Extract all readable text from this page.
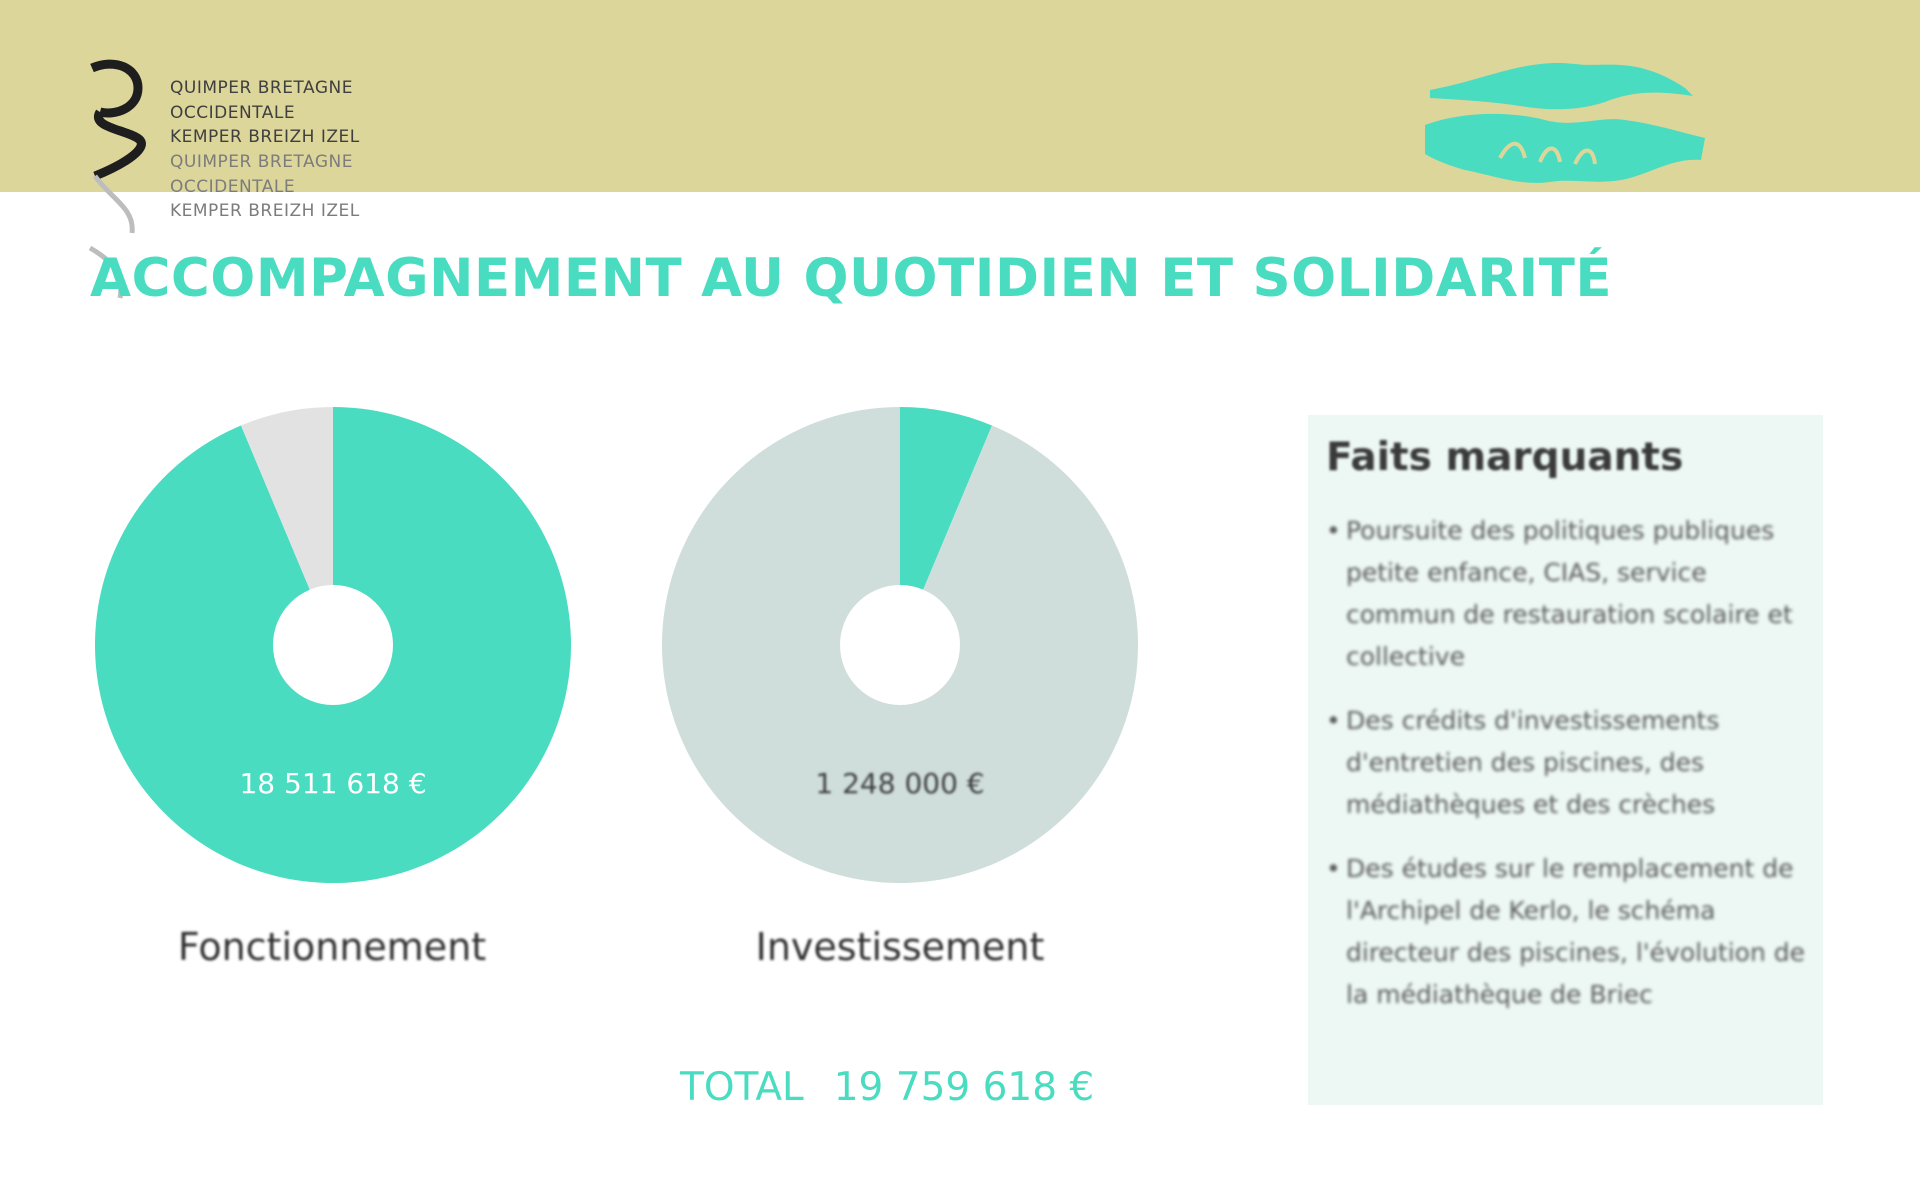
QUIMPER BRETAGNE
OCCIDENTALE
KEMPER BREIZH IZEL
QUIMPER BRETAGNE
OCCIDENTALE
KEMPER BREIZH IZEL
ACCOMPAGNEMENT AU QUOTIDIEN ET SOLIDARITÉ
18 511 618 €	1 248 000 €
Fonctionnement	Investissement
TOTAL 19 759 618 €
Faits marquants
• Poursuite des politiques publiques petite enfance, CIAS, service commun de restauration scolaire et collective
• Des crédits d'investissements d'entretien des piscines, des médiathèques et des crèches
• Des études sur le remplacement de l'Archipel de Kerlo, le schéma directeur des piscines, l'évolution de la médiathèque de Briec
